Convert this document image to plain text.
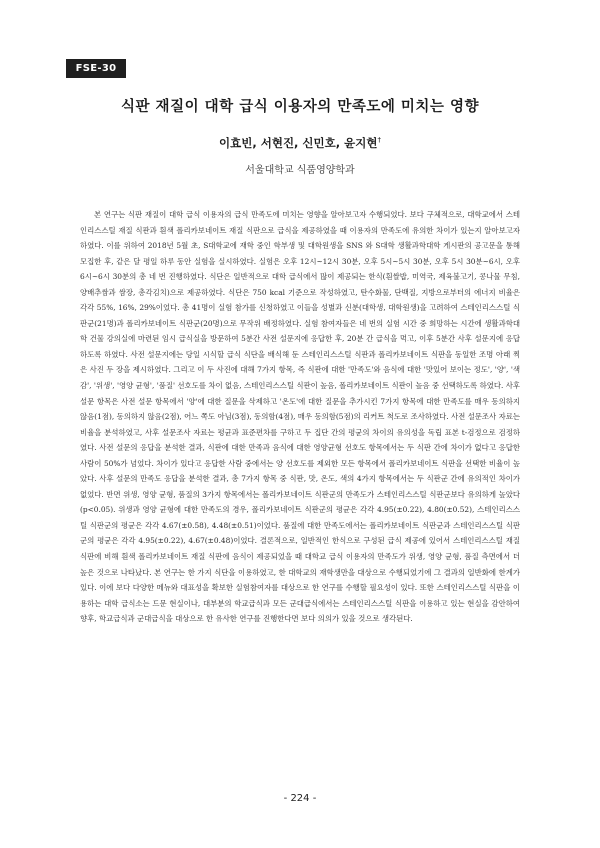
FSE-30
식판 재질이 대학 급식 이용자의 만족도에 미치는 영향
이효빈, 서현진, 신민호, 윤지현†
서울대학교 식품영양학과

본 연구는 식판 재질이 대학 급식 이용자의 급식 만족도에 미치는 영향을 알아보고자 수행되었다. 보다 구체적으로, 대학교에서 스테인리스스틸 재질 식판과 흰색 폴리카보네이트 재질 식판으로 급식을 제공하였을 때 이용자의 만족도에 유의한 차이가 있는지 알아보고자 하였다. 이를 위하여 2018년 5월 초, S대학교에 재학 중인 학부생 및 대학원생을 SNS 와 S대학 생활과학대학 게시판의 공고문을 통해 모집한 후, 같은 달 평일 하루 동안 실험을 실시하였다. 실험은 오후 12시~12시 30분, 오후 5시~5시 30분, 오후 5시 30분~6시, 오후 6시~6시 30분의 총 네 번 진행하였다. 식단은 일반적으로 대학 급식에서 많이 제공되는 한식(흰쌀밥, 미역국, 제육불고기, 콩나물 무침, 양배추쌈과 쌈장, 총각김치)으로 제공하였다. 식단은 750 kcal 기준으로 작성하였고, 탄수화물, 단백질, 지방으로부터의 에너지 비율은 각각 55%, 16%, 29%이었다. 총 41명이 실험 참가를 신청하였고 이들을 성별과 신분(대학생, 대학원생)을 고려하여 스테인리스스틸 식판군(21명)과 폴리카보네이트 식판군(20명)으로 무작위 배정하였다. 실험 참여자들은 네 번의 실험 시간 중 희망하는 시간에 생활과학대학 건물 강의실에 마련된 임시 급식실을 방문하여 5분간 사전 설문지에 응답한 후, 20분 간 급식을 먹고, 이후 5분간 사후 설문지에 응답하도록 하였다. 사전 설문지에는 당일 시식할 급식 식단을 배식해 둔 스테인리스스틸 식판과 폴리카보네이트 식판을 동일한 조명 아래 찍은 사진 두 장을 제시하였다. 그리고 이 두 사진에 대해 7가지 항목, 즉 식판에 대한 '만족도'와 음식에 대한 '맛있어 보이는 정도', '양', '색감', '위생', '영양 균형', '품질' 선호도를 차이 없음, 스테인리스스틸 식판이 높음, 폴리카보네이트 식판이 높음 중 선택하도록 하였다. 사후 설문 항목은 사전 설문 항목에서 '양'에 대한 질문을 삭제하고 '온도'에 대한 질문을 추가시킨 7가지 항목에 대한 만족도를 매우 동의하지 않음(1점), 동의하지 않음(2점), 어느 쪽도 아님(3점), 동의함(4점), 매우 동의함(5점)의 리커트 척도로 조사하였다. 사전 설문조사 자료는 비율을 분석하였고, 사후 설문조사 자료는 평균과 표준편차를 구하고 두 집단 간의 평균의 차이의 유의성을 독립 표본 t-검정으로 검정하였다. 사전 설문의 응답을 분석한 결과, 식판에 대한 만족과 음식에 대한 영양균형 선호도 항목에서는 두 식판 간에 차이가 없다고 응답한 사람이 50%가 넘었다. 차이가 있다고 응답한 사람 중에서는 양 선호도를 제외한 모든 항목에서 폴리카보네이트 식판을 선택한 비율이 높았다. 사후 설문의 만족도 응답을 분석한 결과, 총 7가지 항목 중 식판, 맛, 온도, 색의 4가지 항목에서는 두 식판군 간에 유의적인 차이가 없었다. 반면 위생, 영양 균형, 품질의 3가지 항목에서는 폴리카보네이트 식판군의 만족도가 스테인리스스틸 식판군보다 유의하게 높았다(p<0.05). 위생과 영양 균형에 대한 만족도의 경우, 폴리카보네이트 식판군의 평균은 각각 4.95(±0.22), 4.80(±0.52), 스테인리스스틸 식판군의 평균은 각각 4.67(±0.58), 4.48(±0.51)이었다. 품질에 대한 만족도에서는 폴리카보네이트 식판군과 스테인리스스틸 식판군의 평균은 각각 4.95(±0.22), 4.67(±0.48)이었다. 결론적으로, 일반적인 한식으로 구성된 급식 제공에 있어서 스테인리스스틸 재질 식판에 비해 흰색 폴리카보네이트 재질 식판에 음식이 제공되었을 때 대학교 급식 이용자의 만족도가 위생, 영양 균형, 품질 측면에서 더 높은 것으로 나타났다. 본 연구는 한 가지 식단을 이용하였고, 한 대학교의 재학생만을 대상으로 수행되었기에 그 결과의 일반화에 한계가 있다. 이에 보다 다양한 메뉴와 대표성을 확보한 실험참여자를 대상으로 한 연구를 수행할 필요성이 있다. 또한 스테인리스스틸 식판을 이용하는 대학 급식소는 드문 현실이나, 대부분의 학교급식과 모든 군대급식에서는 스테인리스스틸 식판을 이용하고 있는 현실을 감안하여 향후, 학교급식과 군대급식을 대상으로 한 유사한 연구를 진행한다면 보다 의의가 있을 것으로 생각된다.

- 224 -
